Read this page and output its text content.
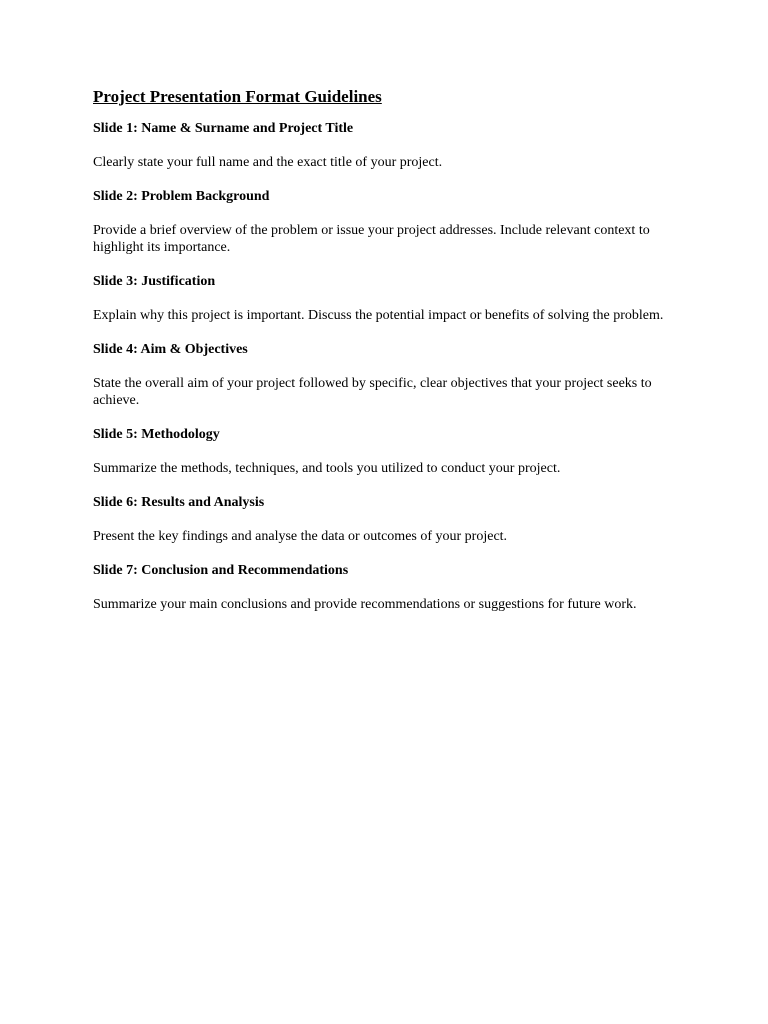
Project Presentation Format Guidelines

Slide 1: Name & Surname and Project Title

Clearly state your full name and the exact title of your project.

Slide 2: Problem Background

Provide a brief overview of the problem or issue your project addresses. Include relevant context to highlight its importance.

Slide 3: Justification

Explain why this project is important. Discuss the potential impact or benefits of solving the problem.

Slide 4: Aim & Objectives

State the overall aim of your project followed by specific, clear objectives that your project seeks to achieve.

Slide 5: Methodology

Summarize the methods, techniques, and tools you utilized to conduct your project.

Slide 6: Results and Analysis

Present the key findings and analyse the data or outcomes of your project.

Slide 7: Conclusion and Recommendations

Summarize your main conclusions and provide recommendations or suggestions for future work.
